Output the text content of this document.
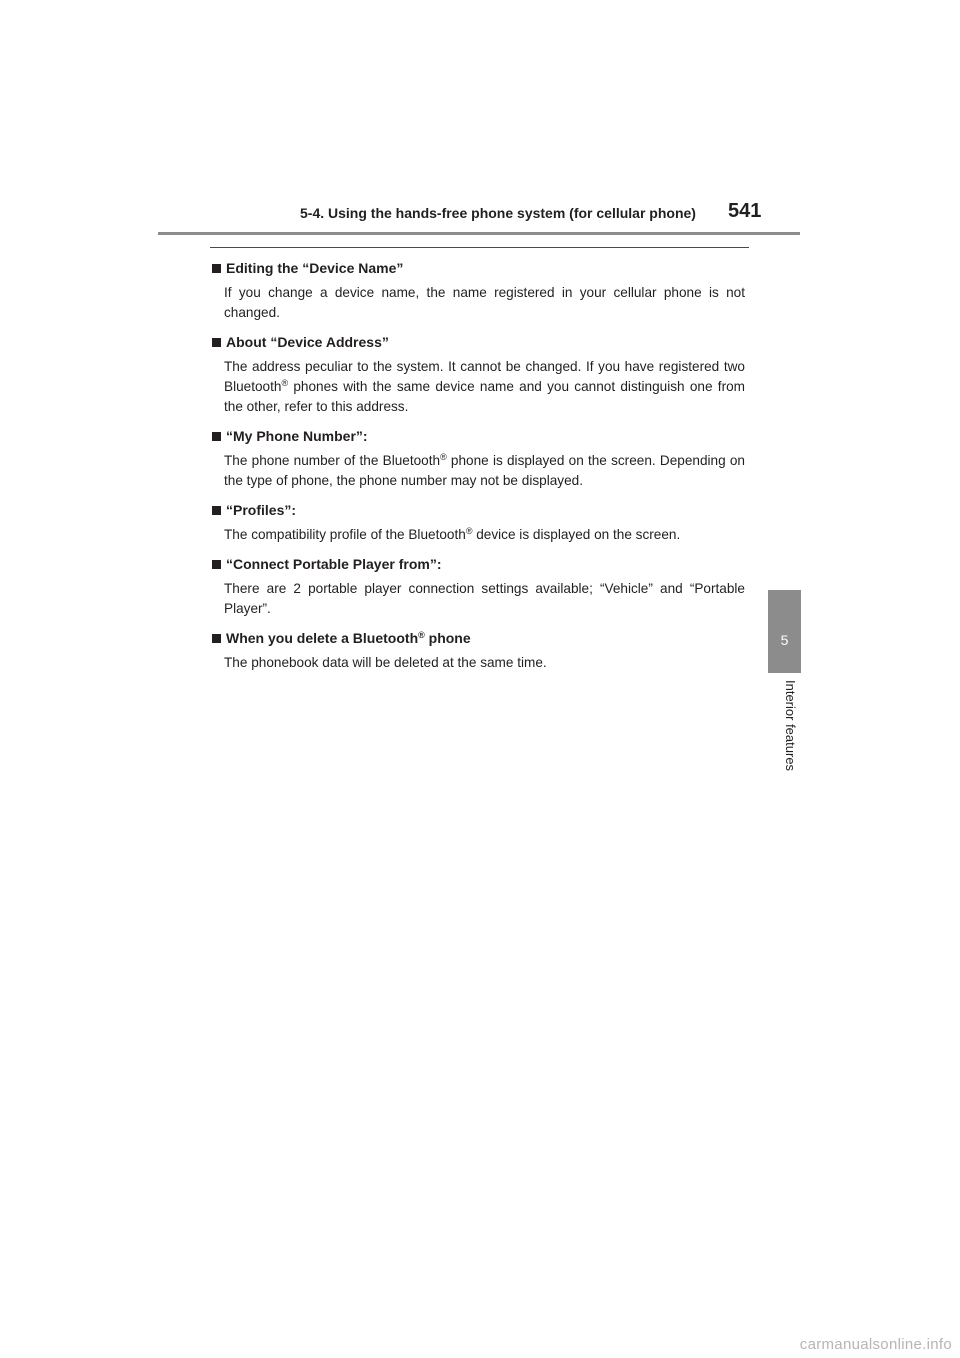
5-4. Using the hands-free phone system (for cellular phone) 541
5
Interior features
Editing the “Device Name”

If you change a device name, the name registered in your cellular phone is not changed.

About “Device Address”

The address peculiar to the system. It cannot be changed. If you have registered two Bluetooth® phones with the same device name and you cannot distinguish one from the other, refer to this address.

“My Phone Number”:

The phone number of the Bluetooth® phone is displayed on the screen. Depending on the type of phone, the phone number may not be displayed.

“Profiles”:

The compatibility profile of the Bluetooth® device is displayed on the screen.

“Connect Portable Player from”:

There are 2 portable player connection settings available; “Vehicle” and “Portable Player”.

When you delete a Bluetooth® phone

The phonebook data will be deleted at the same time.

carmanualsonline.info
